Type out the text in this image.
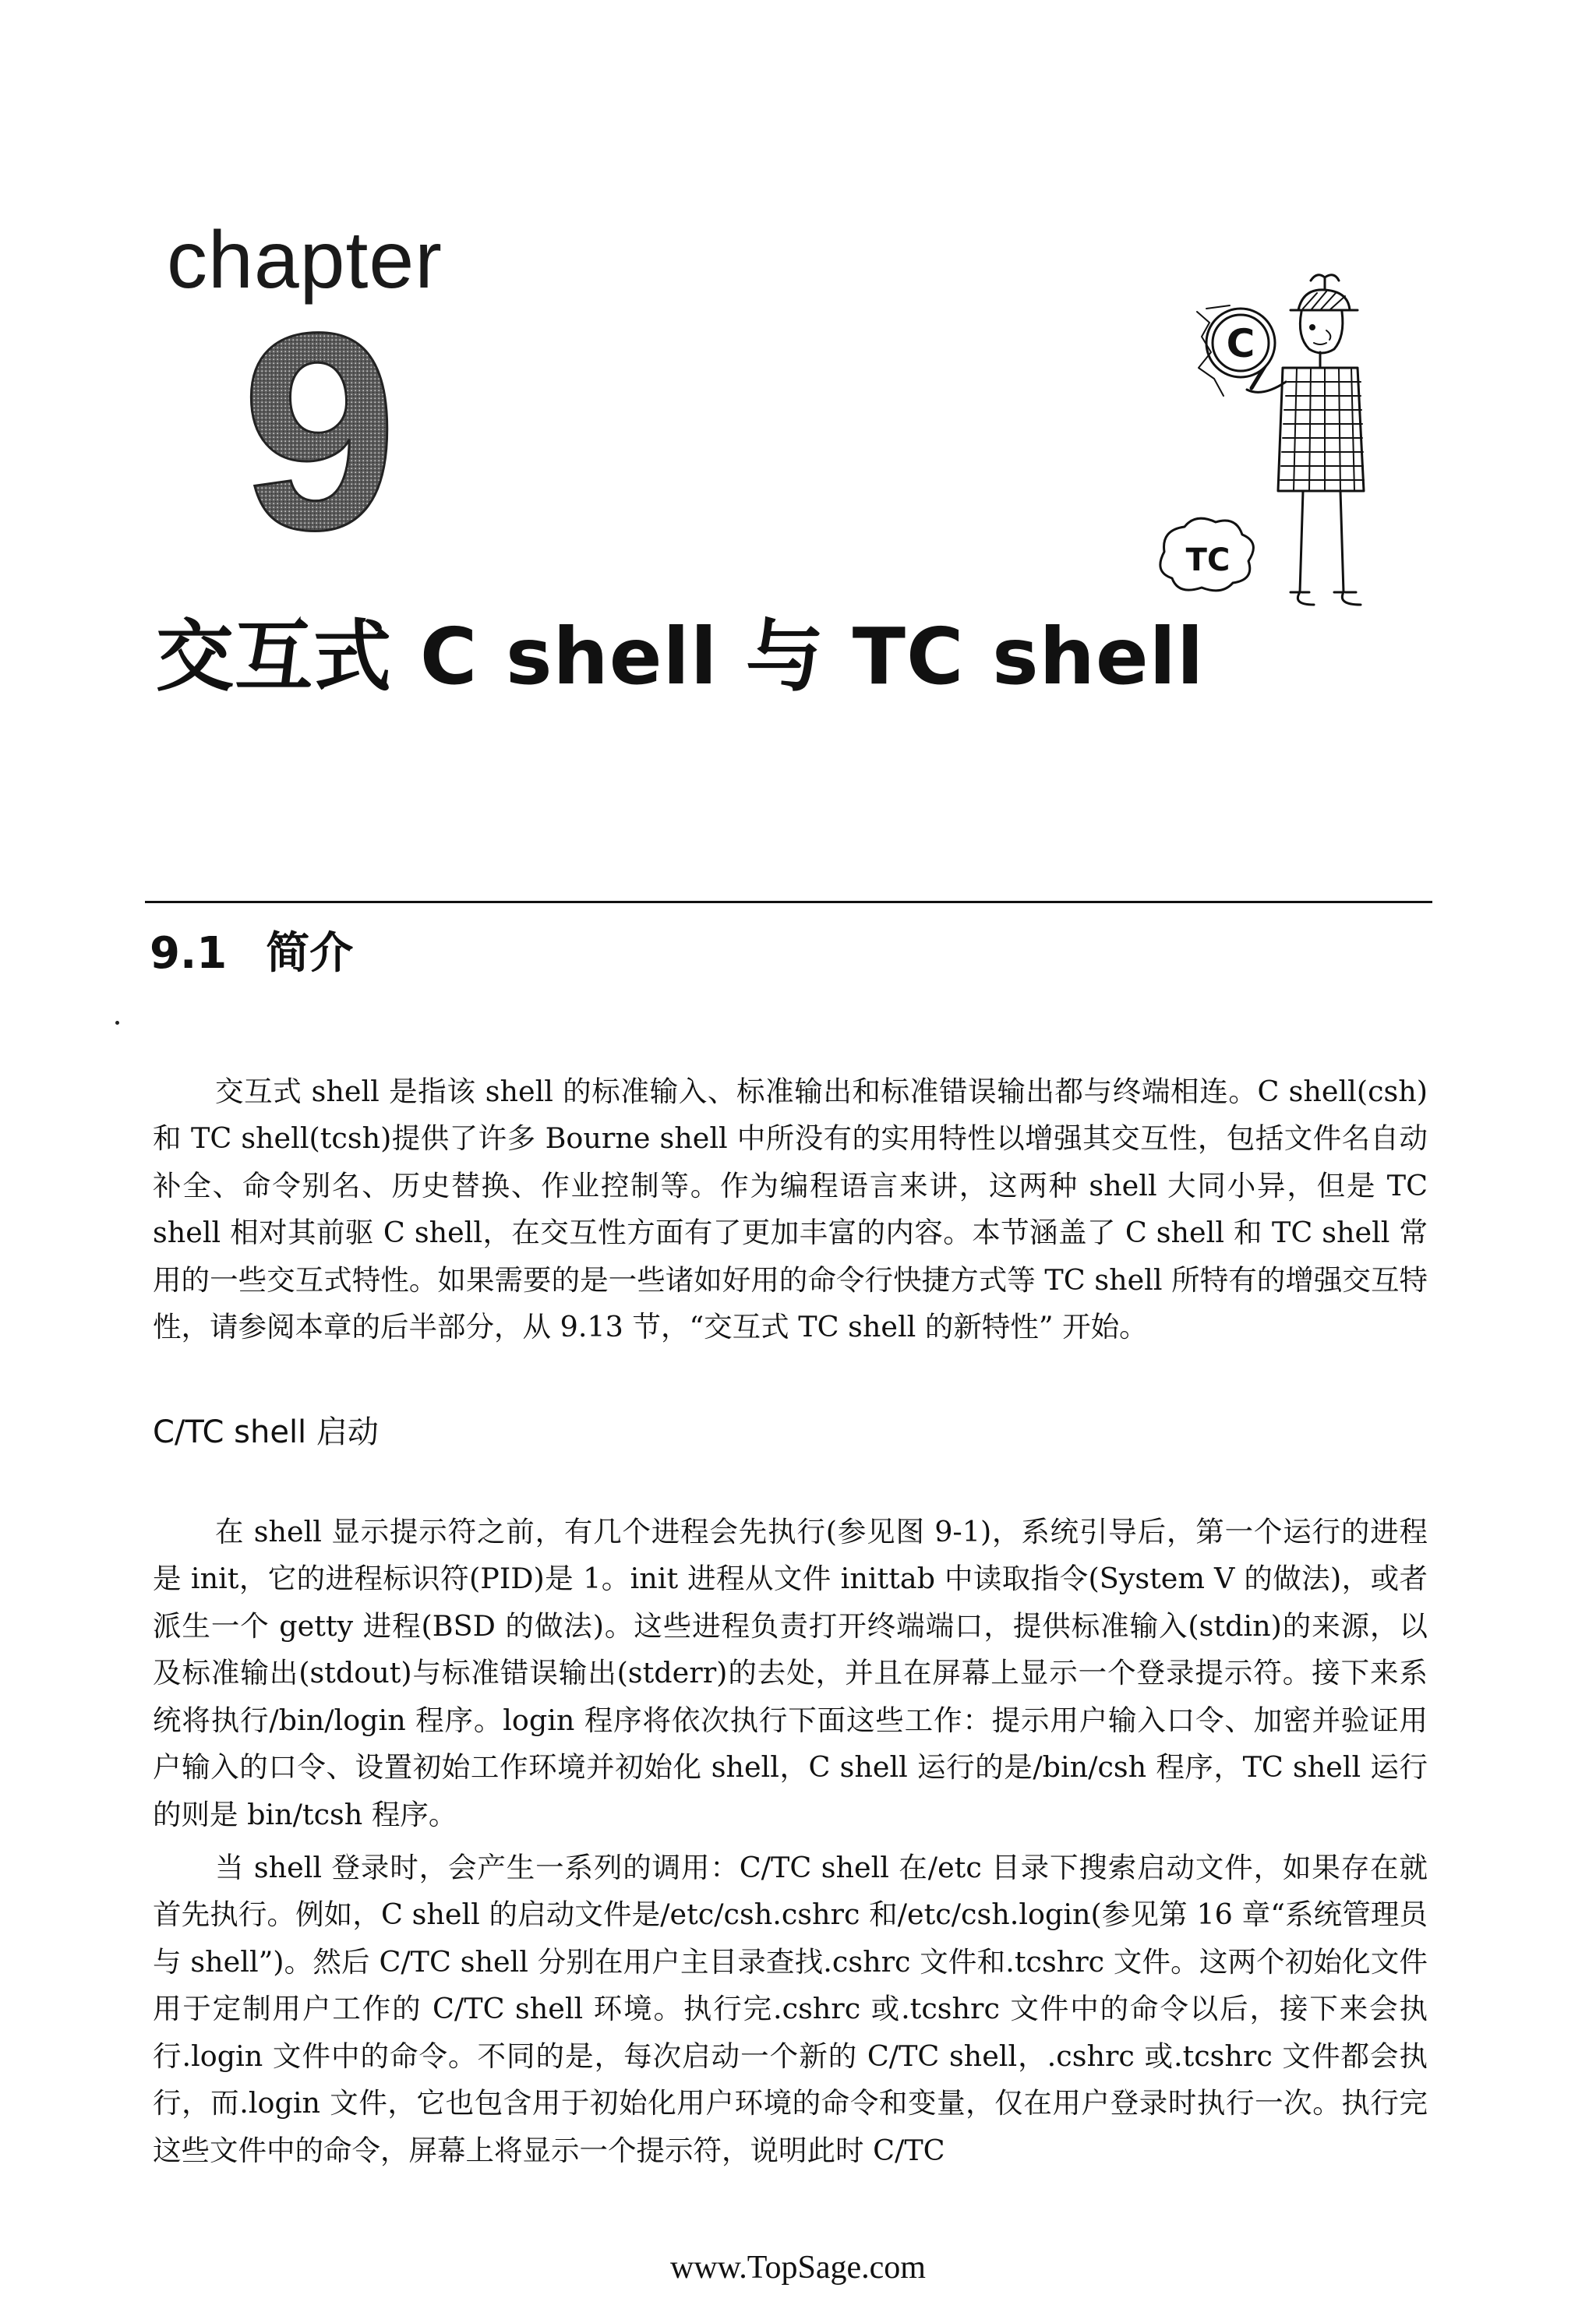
chapter
9
交互式 C shell 与 TC shell
C
TC
9.1 简介

交互式 shell 是指该 shell 的标准输入、标准输出和标准错误输出都与终端相连。C shell(csh)和 TC shell(tcsh)提供了许多 Bourne shell 中所没有的实用特性以增强其交互性，包括文件名自动补全、命令别名、历史替换、作业控制等。作为编程语言来讲，这两种 shell 大同小异，但是 TC shell 相对其前驱 C shell，在交互性方面有了更加丰富的内容。本节涵盖了 C shell 和 TC shell 常用的一些交互式特性。如果需要的是一些诸如好用的命令行快捷方式等 TC shell 所特有的增强交互特性，请参阅本章的后半部分，从 9.13 节，“交互式 TC shell 的新特性” 开始。

C/TC shell 启动

在 shell 显示提示符之前，有几个进程会先执行(参见图 9-1)，系统引导后，第一个运行的进程是 init，它的进程标识符(PID)是 1。init 进程从文件 inittab 中读取指令(System V 的做法)，或者派生一个 getty 进程(BSD 的做法)。这些进程负责打开终端端口，提供标准输入(stdin)的来源，以及标准输出(stdout)与标准错误输出(stderr)的去处，并且在屏幕上显示一个登录提示符。接下来系统将执行/bin/login 程序。login 程序将依次执行下面这些工作：提示用户输入口令、加密并验证用户输入的口令、设置初始工作环境并初始化 shell，C shell 运行的是/bin/csh 程序，TC shell 运行的则是 bin/tcsh 程序。

当 shell 登录时，会产生一系列的调用：C/TC shell 在/etc 目录下搜索启动文件，如果存在就首先执行。例如，C shell 的启动文件是/etc/csh.cshrc 和/etc/csh.login(参见第 16 章“系统管理员与 shell”)。然后 C/TC shell 分别在用户主目录查找.cshrc 文件和.tcshrc 文件。这两个初始化文件用于定制用户工作的 C/TC shell 环境。执行完.cshrc 或.tcshrc 文件中的命令以后，接下来会执行.login 文件中的命令。不同的是，每次启动一个新的 C/TC shell，.cshrc 或.tcshrc 文件都会执行，而.login 文件，它也包含用于初始化用户环境的命令和变量，仅在用户登录时执行一次。执行完这些文件中的命令，屏幕上将显示一个提示符，说明此时 C/TC

www.TopSage.com
